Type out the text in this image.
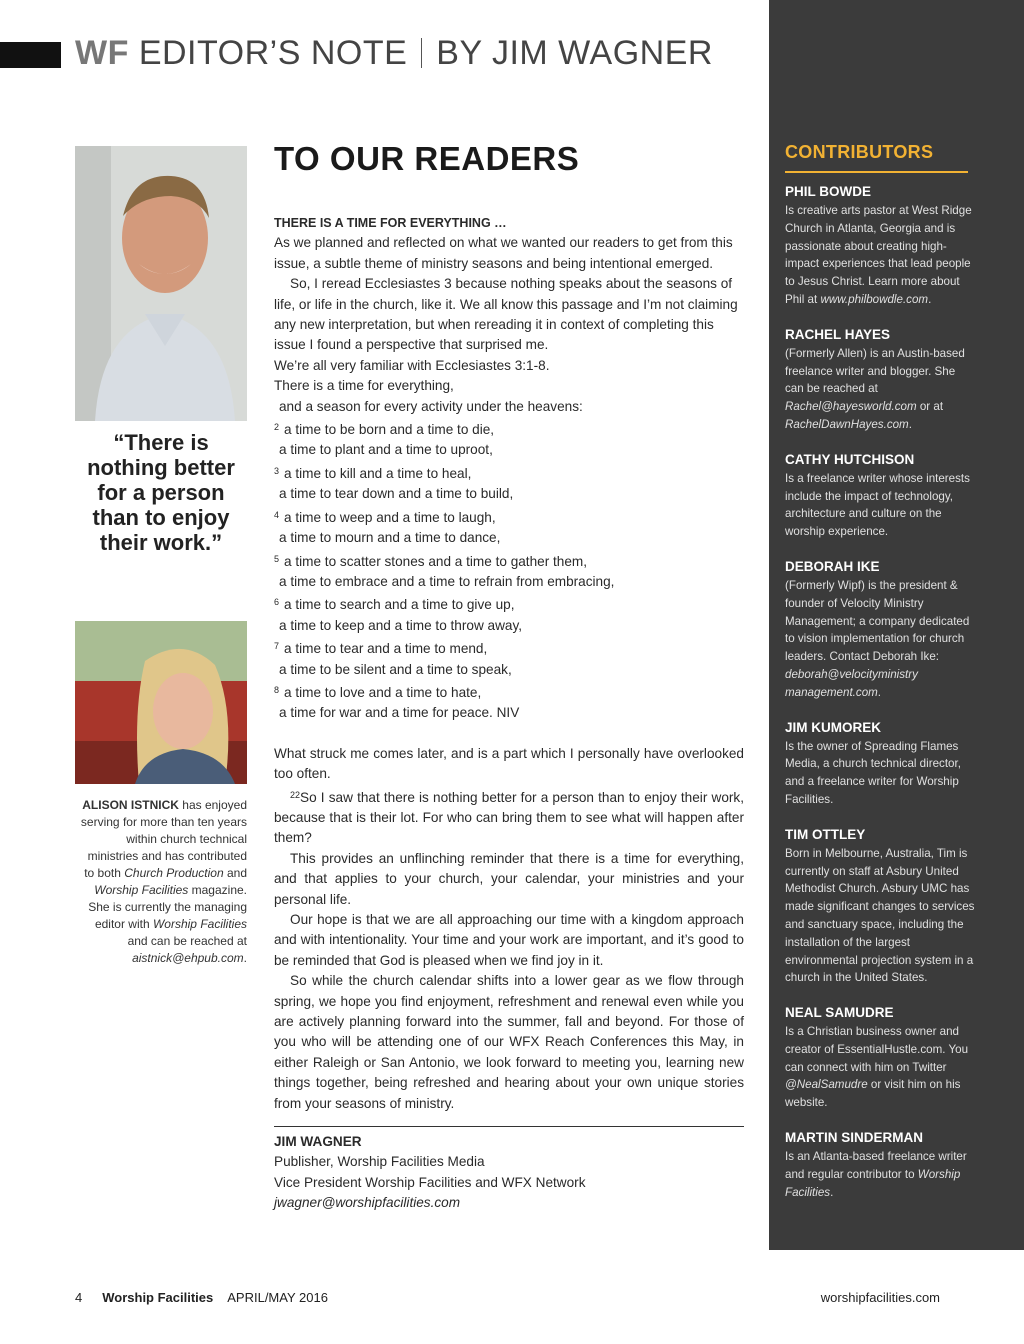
WF EDITOR’S NOTE BY JIM WAGNER
“There is nothing better for a person than to enjoy their work.”
ALISON ISTNICK has enjoyed serving for more than ten years within church technical ministries and has contributed to both Church Production and Worship Facilities magazine. She is currently the managing editor with Worship Facilities and can be reached at aistnick@ehpub.com.
TO OUR READERS

THERE IS A TIME FOR EVERYTHING …

As we planned and reflected on what we wanted our readers to get from this issue, a subtle theme of ministry seasons and being intentional emerged.

So, I reread Ecclesiastes 3 because nothing speaks about the seasons of life, or life in the church, like it. We all know this passage and I’m not claiming any new interpretation, but when rereading it in context of completing this issue I found a perspective that surprised me.

We’re all very familiar with Ecclesiastes 3:1-8.

There is a time for everything,
and a season for every activity under the heavens:
$^2$ a time to be born and a time to die,
a time to plant and a time to uproot,
$^3$ a time to kill and a time to heal,
a time to tear down and a time to build,
$^4$ a time to weep and a time to laugh,
a time to mourn and a time to dance,
$^5$ a time to scatter stones and a time to gather them,
a time to embrace and a time to refrain from embracing,
$^6$ a time to search and a time to give up,
a time to keep and a time to throw away,
$^7$ a time to tear and a time to mend,
a time to be silent and a time to speak,
$^8$ a time to love and a time to hate,
a time for war and a time for peace. NIV

What struck me comes later, and is a part which I personally have overlooked too often.

$^{22}$So I saw that there is nothing better for a person than to enjoy their work, because that is their lot. For who can bring them to see what will happen after them?

This provides an unflinching reminder that there is a time for everything, and that applies to your church, your calendar, your ministries and your personal life.

Our hope is that we are all approaching our time with a kingdom approach and with intentionality. Your time and your work are important, and it’s good to be reminded that God is pleased when we find joy in it.

So while the church calendar shifts into a lower gear as we flow through spring, we hope you find enjoyment, refreshment and renewal even while you are actively planning forward into the summer, fall and beyond. For those of you who will be attending one of our WFX Reach Conferences this May, in either Raleigh or San Antonio, we look forward to meeting you, learning new things together, being refreshed and hearing about your own unique stories from your seasons of ministry.

JIM WAGNER
Publisher, Worship Facilities Media
Vice President Worship Facilities and WFX Network
jwagner@worshipfacilities.com
CONTRIBUTORS
PHIL BOWDE
Is creative arts pastor at West Ridge Church in Atlanta, Georgia and is passionate about creating high-impact experiences that lead people to Jesus Christ. Learn more about Phil at www.philbowdle.com.
RACHEL HAYES
(Formerly Allen) is an Austin-based freelance writer and blogger. She can be reached at Rachel@hayesworld.com or at RachelDawnHayes.com.
CATHY HUTCHISON
Is a freelance writer whose interests include the impact of technology, architecture and culture on the worship experience.
DEBORAH IKE
(Formerly Wipf) is the president & founder of Velocity Ministry Management; a company dedicated to vision implementation for church leaders. Contact Deborah Ike: deborah@velocityministry management.com.
JIM KUMOREK
Is the owner of Spreading Flames Media, a church technical director, and a freelance writer for Worship Facilities.
TIM OTTLEY
Born in Melbourne, Australia, Tim is currently on staff at Asbury United Methodist Church. Asbury UMC has made significant changes to services and sanctuary space, including the installation of the largest environmental projection system in a church in the United States.
NEAL SAMUDRE
Is a Christian business owner and creator of EssentialHustle.com. You can connect with him on Twitter @NealSamudre or visit him on his website.
MARTIN SINDERMAN
Is an Atlanta-based freelance writer and regular contributor to Worship Facilities.
4 Worship Facilities APRIL/MAY 2016	worshipfacilities.com
